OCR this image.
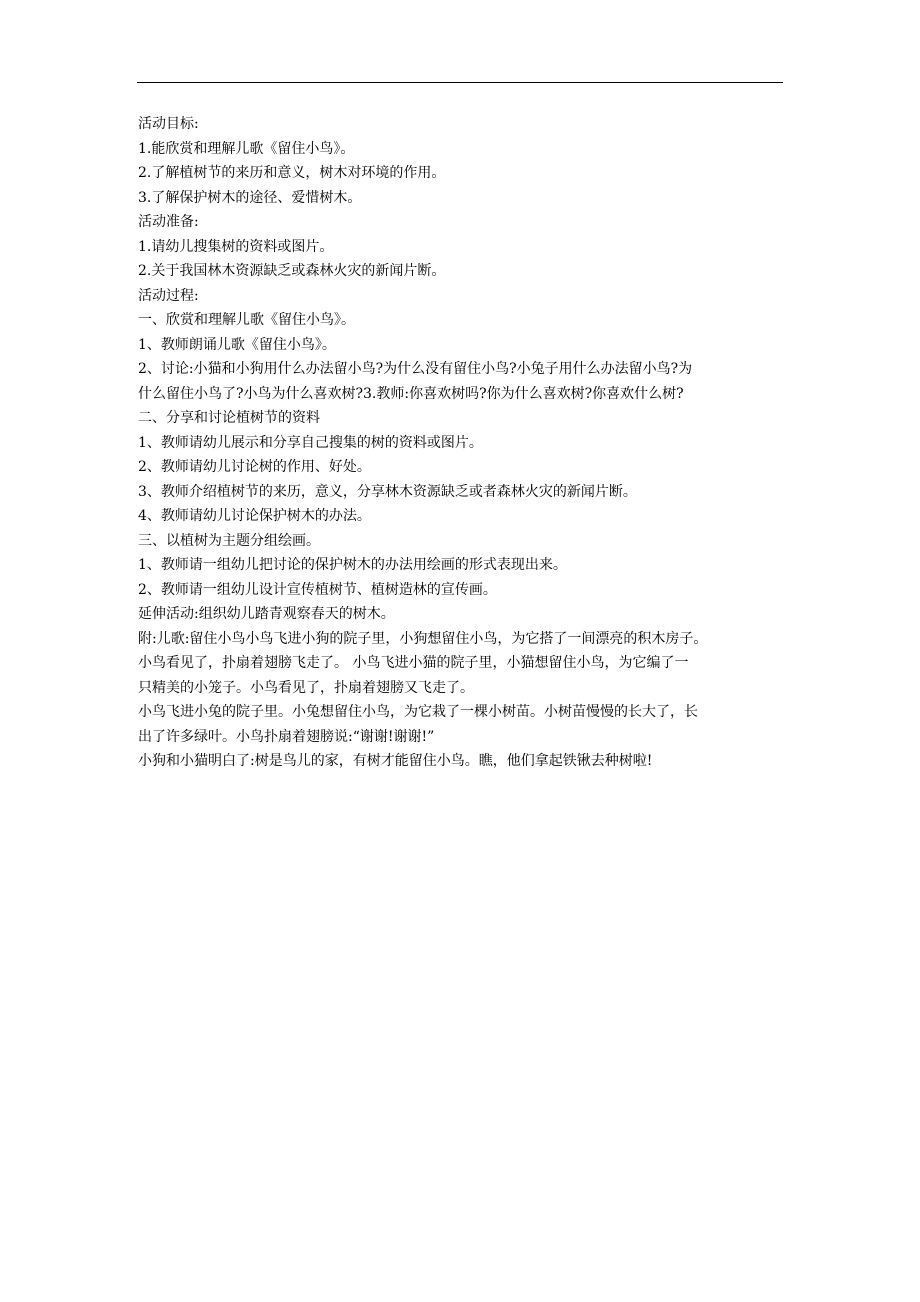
活动目标:
1.能欣赏和理解儿歌《留住小鸟》。
2.了解植树节的来历和意义，树木对环境的作用。
3.了解保护树木的途径、爱惜树木。
活动准备:
1.请幼儿搜集树的资料或图片。
2.关于我国林木资源缺乏或森林火灾的新闻片断。
活动过程:
一、欣赏和理解儿歌《留住小鸟》。
1、教师朗诵儿歌《留住小鸟》。
2、讨论:小猫和小狗用什么办法留小鸟?为什么没有留住小鸟?小兔子用什么办法留小鸟?为
什么留住小鸟了?小鸟为什么喜欢树?3.教师:你喜欢树吗?你为什么喜欢树?你喜欢什么树?
二、分享和讨论植树节的资料
1、教师请幼儿展示和分享自己搜集的树的资料或图片。
2、教师请幼儿讨论树的作用、好处。
3、教师介绍植树节的来历，意义，分享林木资源缺乏或者森林火灾的新闻片断。
4、教师请幼儿讨论保护树木的办法。
三、以植树为主题分组绘画。
1、教师请一组幼儿把讨论的保护树木的办法用绘画的形式表现出来。
2、教师请一组幼儿设计宣传植树节、植树造林的宣传画。
延伸活动:组织幼儿踏青观察春天的树木。
附:儿歌:留住小鸟小鸟飞进小狗的院子里，小狗想留住小鸟，为它搭了一间漂亮的积木房子。
小鸟看见了，扑扇着翅膀飞走了。 小鸟飞进小猫的院子里，小猫想留住小鸟，为它编了一
只精美的小笼子。小鸟看见了，扑扇着翅膀又飞走了。
小鸟飞进小兔的院子里。小兔想留住小鸟，为它栽了一棵小树苗。小树苗慢慢的长大了，长
出了许多绿叶。小鸟扑扇着翅膀说:“谢谢!谢谢!”
小狗和小猫明白了:树是鸟儿的家，有树才能留住小鸟。瞧，他们拿起铁锹去种树啦!
